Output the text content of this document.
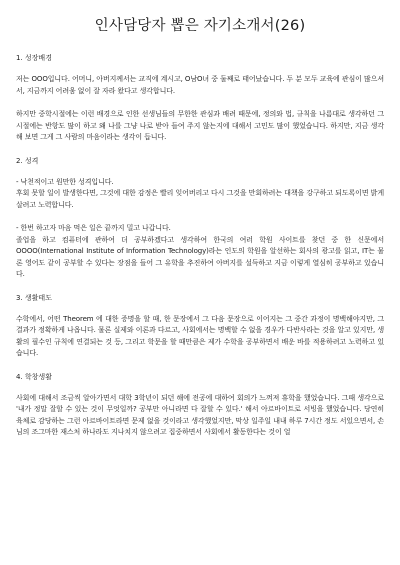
인사담당자 뽑은 자기소개서(26)
1. 성장배경

저는 OOO입니다. 어머니, 아버지께서는 교직에 계시고, O남O녀 중 둘째로 태어났습니다. 두 분 모두 교육에 관심이 많으셔서, 지금까지 어려움 없이 잘 자라 왔다고 생각합니다.

하지만 중학시절에는 이런 배경으로 인한 선생님들의 무한한 관심과 배려 때문에, 정의와 법, 규칙을 나름대로 생각하던 그 시절에는 반항도 많이 하고 왜 나를 그냥 나로 받아 들여 주지 않는지에 대해서 고민도 많이 했었습니다. 하지만, 지금 생각해 보면 그게 그 사람의 마음이라는 생각이 듭니다.

2. 성격

- 낙천적이고 원만한 성격입니다.
후회 못할 일이 발생한다면, 그것에 대한 감정은 빨리 잊어버리고 다시 그것을 만회하려는 대책을 강구하고 되도록이면 밝게 살려고 노력합니다.

- 한번 하고자 마음 먹은 일은 끝까지 밀고 나갑니다.
졸업을 하고 컴퓨터에 관하여 더 공부하겠다고 생각하여 한국의 여러 학원 사이트를 찾던 중 한 신문에서 OOOO(International Institute of Information Technology)라는 인도의 학원을 알선하는 회사의 광고를 읽고, IT는 물론 영어도 같이 공부할 수 있다는 장점을 들어 그 유학을 추진하여 아버지를 설득하고 지금 이렇게 열심히 공부하고 있습니다.

3. 생활태도

수학에서, 어떤 Theorem 에 대한 증명을 할 때, 한 문장에서 그 다음 문장으로 이어지는 그 중간 과정이 명백해야지만, 그 결과가 정확하게 나옵니다. 물론 실제와 이론과 다르고, 사회에서는 명백할 수 없을 경우가 다반사라는 것을 알고 있지만, 생활의 필수인 규칙에 연결되는 것 등, 그리고 학문을 할 때만큼은 제가 수학을 공부하면서 배운 바를 적용하려고 노력하고 있습니다.

4. 학창생활

사회에 대해서 조금씩 알아가면서 대학 3학년이 되던 해에 전공에 대하여 회의가 느껴져 휴학을 했었습니다. 그때 생각으로 '내가 정말 잘할 수 있는 것이 무엇일까? 공부만 아니라면 다 잘할 수 있다.' 해서 아르바이트로 서빙을 했었습니다. 당연히 육체로 감당하는 그런 아르바이트라면 문제 없을 것이라고 생각했었지만, 막상 일주일 내내 하루 7시간 정도 서있으면서, 손님의 조그마한 재스처 하나라도 지나치지 않으려고 집중하면서 사회에서 활동한다는 것이 얼
